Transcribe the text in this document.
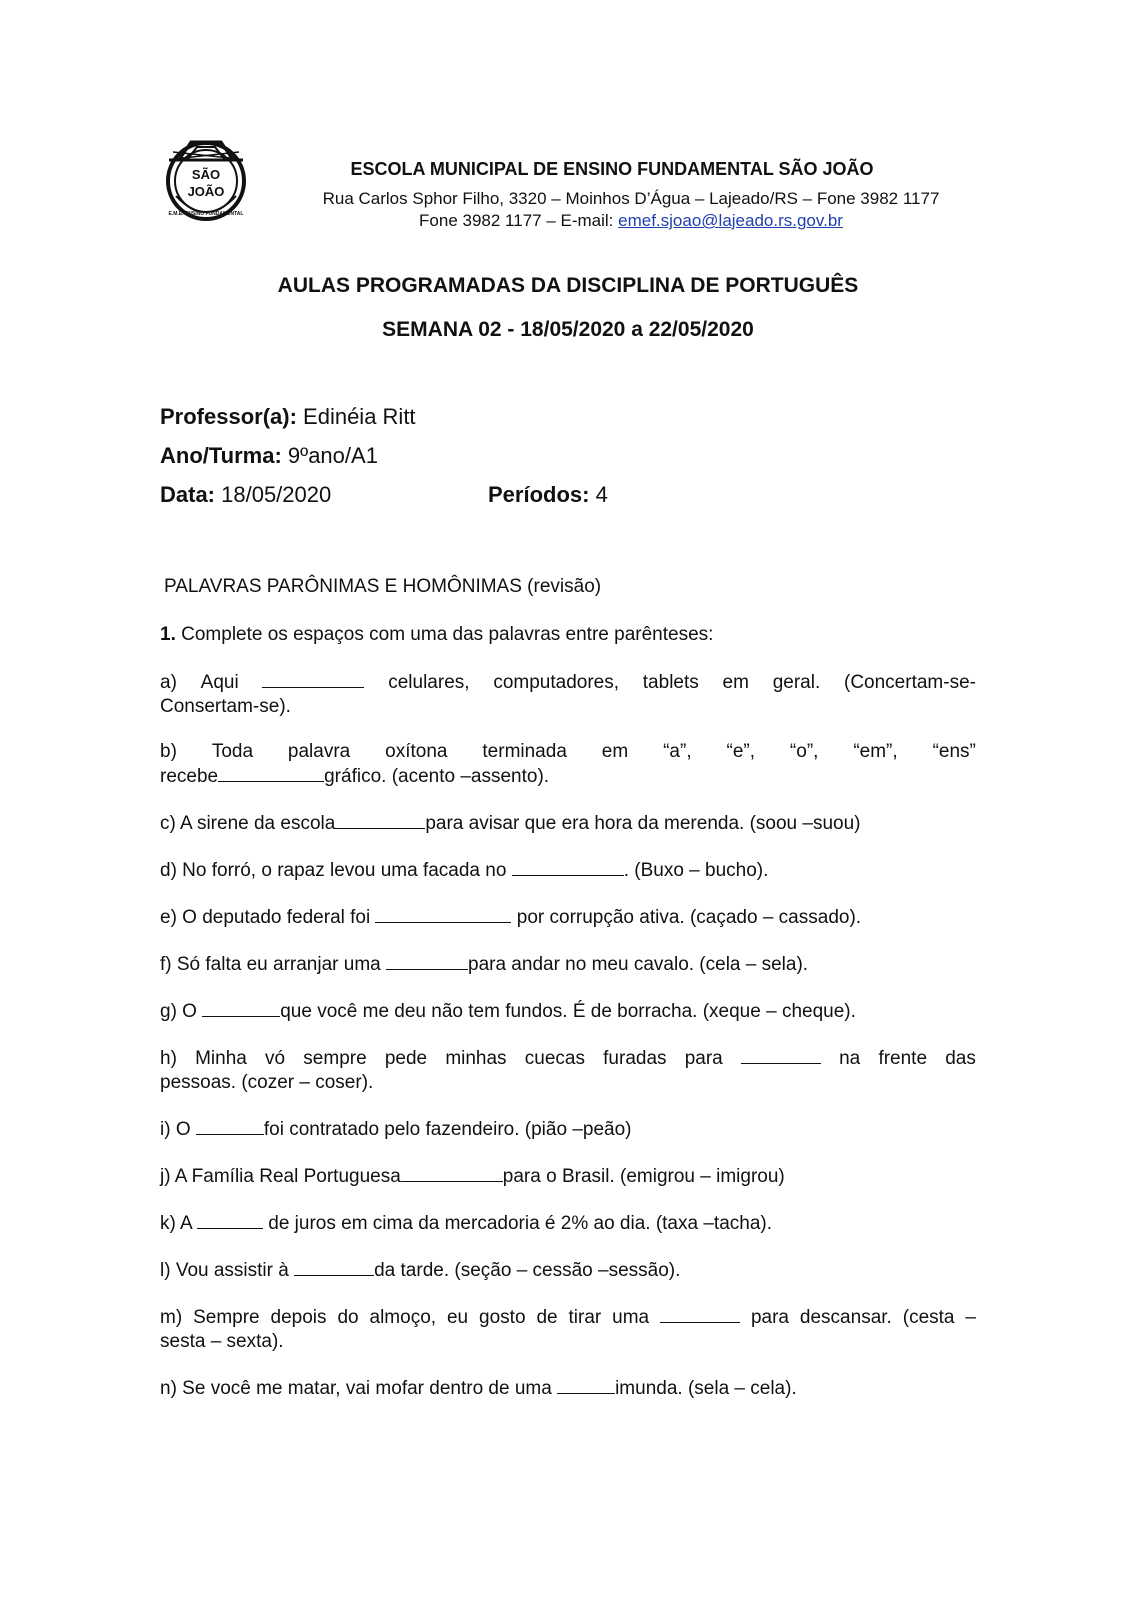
SÃO
JOÃO
E.M.E. ENSINO FUNDAMENTAL
ESCOLA MUNICIPAL DE ENSINO FUNDAMENTAL SÃO JOÃO
Rua Carlos Sphor Filho, 3320 – Moinhos D’Água – Lajeado/RS – Fone 3982 1177
Fone 3982 1177 – E-mail: emef.sjoao@lajeado.rs.gov.br
AULAS PROGRAMADAS DA DISCIPLINA DE PORTUGUÊS
SEMANA 02 - 18/05/2020 a 22/05/2020
Professor(a): Edinéia Ritt
Ano/Turma: 9ºano/A1
Data: 18/05/2020	Períodos: 4
PALAVRAS PARÔNIMAS E HOMÔNIMAS (revisão)
1. Complete os espaços com uma das palavras entre parênteses:
a) Aqui	celulares, computadores, tablets em geral. (Concertam-se-
Consertam-se).
b) Toda palavra oxítona terminada em “a”, “e”, “o”, “em”, “ens”
recebe	gráfico. (acento –assento).
c) A sirene da escola	para avisar que era hora da merenda. (soou –suou)
d) No forró, o rapaz levou uma facada no	. (Buxo – bucho).
e) O deputado federal foi	por corrupção ativa. (caçado – cassado).
f) Só falta eu arranjar uma	para andar no meu cavalo. (cela – sela).
g) O	que você me deu não tem fundos. É de borracha. (xeque – cheque).
h) Minha vó sempre pede minhas cuecas furadas para	na frente das
pessoas. (cozer – coser).
i) O	foi contratado pelo fazendeiro. (pião –peão)
j) A Família Real Portuguesa	para o Brasil. (emigrou – imigrou)
k) A	de juros em cima da mercadoria é 2% ao dia. (taxa –tacha).
l) Vou assistir à	da tarde. (seção – cessão –sessão).
m) Sempre depois do almoço, eu gosto de tirar uma	para descansar. (cesta –
sesta – sexta).
n) Se você me matar, vai mofar dentro de uma	imunda. (sela – cela).
